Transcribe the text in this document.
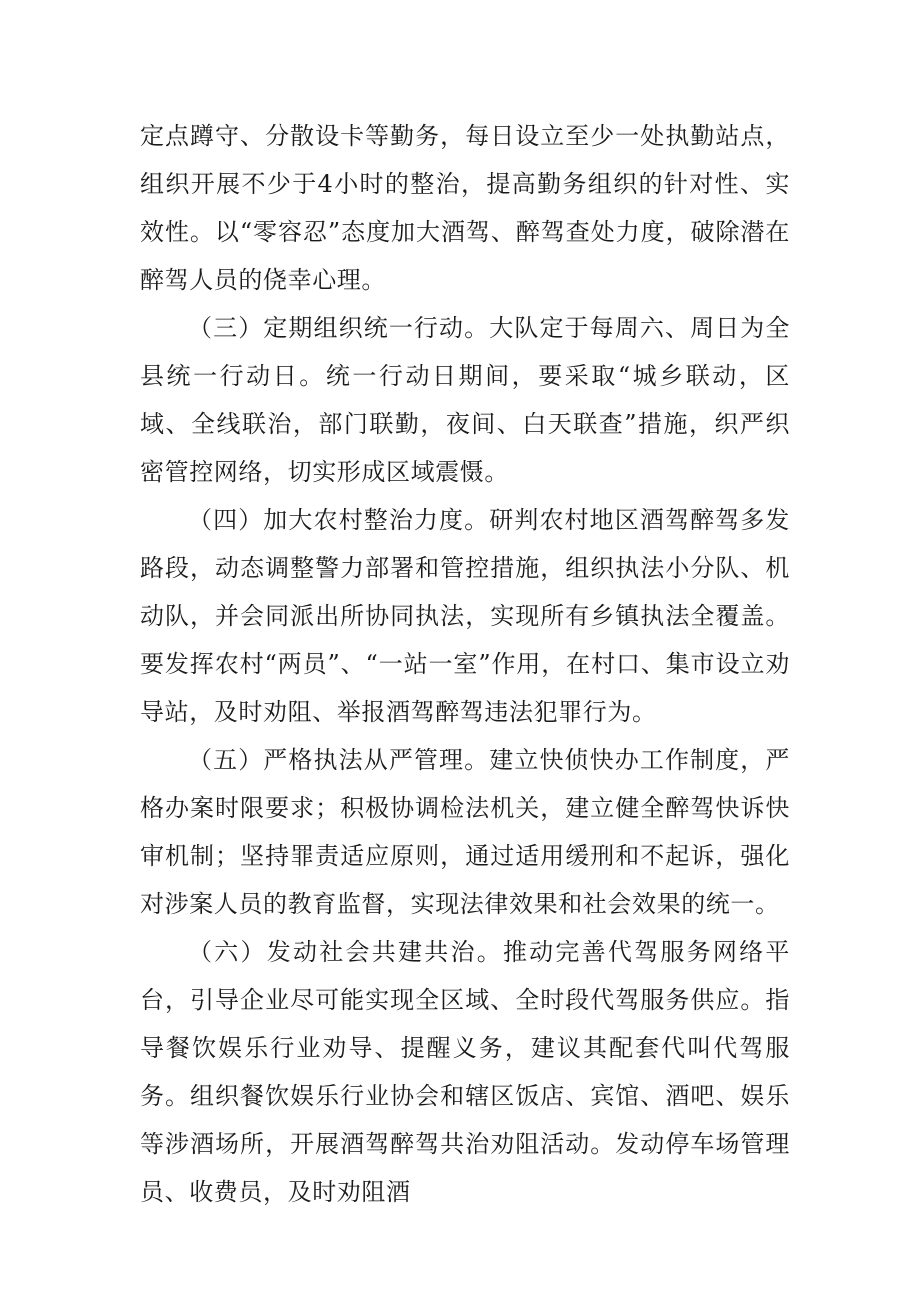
定点蹲守、分散设卡等勤务，每日设立至少一处执勤站点，组织开展不少于4小时的整治，提高勤务组织的针对性、实效性。以“零容忍”态度加大酒驾、醉驾查处力度，破除潜在醉驾人员的侥幸心理。

（三）定期组织统一行动。大队定于每周六、周日为全县统一行动日。统一行动日期间，要采取“城乡联动，区域、全线联治，部门联勤，夜间、白天联查”措施，织严织密管控网络，切实形成区域震慑。

（四）加大农村整治力度。研判农村地区酒驾醉驾多发路段，动态调整警力部署和管控措施，组织执法小分队、机动队，并会同派出所协同执法，实现所有乡镇执法全覆盖。要发挥农村“两员”、“一站一室”作用，在村口、集市设立劝导站，及时劝阻、举报酒驾醉驾违法犯罪行为。

（五）严格执法从严管理。建立快侦快办工作制度，严格办案时限要求；积极协调检法机关，建立健全醉驾快诉快审机制；坚持罪责适应原则，通过适用缓刑和不起诉，强化对涉案人员的教育监督，实现法律效果和社会效果的统一。

（六）发动社会共建共治。推动完善代驾服务网络平台，引导企业尽可能实现全区域、全时段代驾服务供应。指导餐饮娱乐行业劝导、提醒义务，建议其配套代叫代驾服务。组织餐饮娱乐行业协会和辖区饭店、宾馆、酒吧、娱乐等涉酒场所，开展酒驾醉驾共治劝阻活动。发动停车场管理员、收费员，及时劝阻酒
